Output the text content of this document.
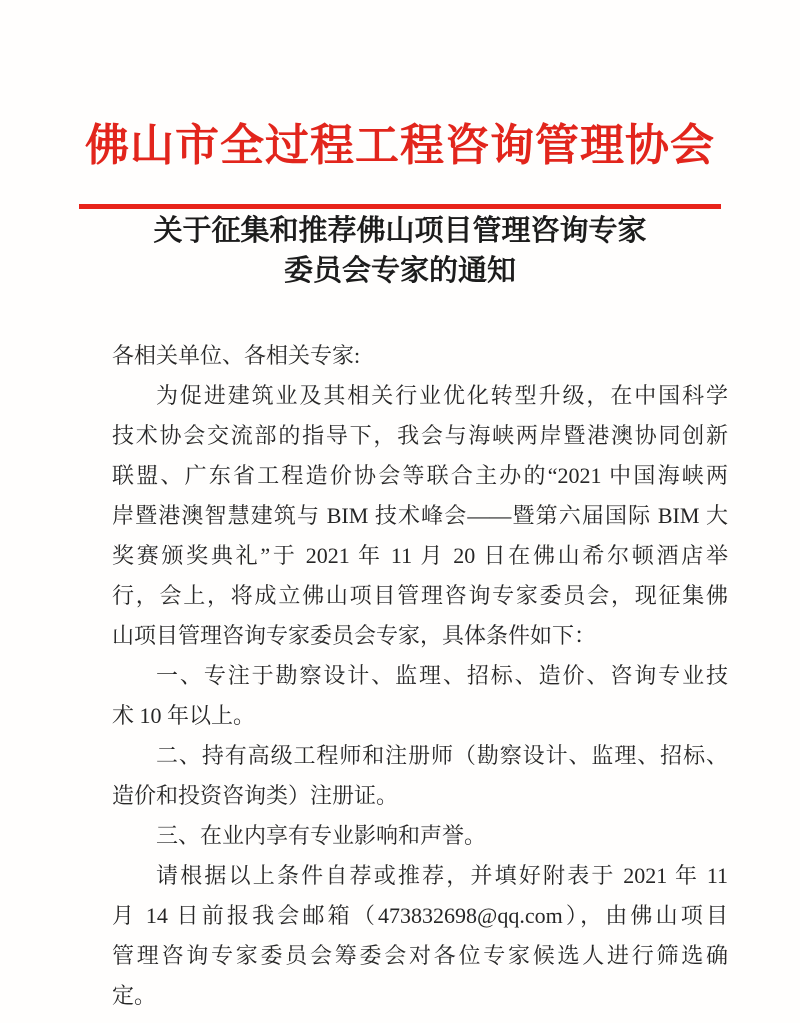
佛山市全过程工程咨询管理协会
关于征集和推荐佛山项目管理咨询专家
委员会专家的通知
各相关单位、各相关专家:
为促进建筑业及其相关行业优化转型升级，在中国科学
技术协会交流部的指导下，我会与海峡两岸暨港澳协同创新
联盟、广东省工程造价协会等联合主办的“2021 中国海峡两
岸暨港澳智慧建筑与 BIM 技术峰会——暨第六届国际 BIM 大
奖赛颁奖典礼”于 2021 年 11 月 20 日在佛山希尔顿酒店举
行，会上，将成立佛山项目管理咨询专家委员会，现征集佛
山项目管理咨询专家委员会专家，具体条件如下：
一、专注于勘察设计、监理、招标、造价、咨询专业技
术 10 年以上。
二、持有高级工程师和注册师（勘察设计、监理、招标、
造价和投资咨询类）注册证。
三、在业内享有专业影响和声誉。
请根据以上条件自荐或推荐，并填好附表于 2021 年 11
月 14 日前报我会邮箱（473832698@qq.com），由佛山项目
管理咨询专家委员会筹委会对各位专家候选人进行筛选确
定。
